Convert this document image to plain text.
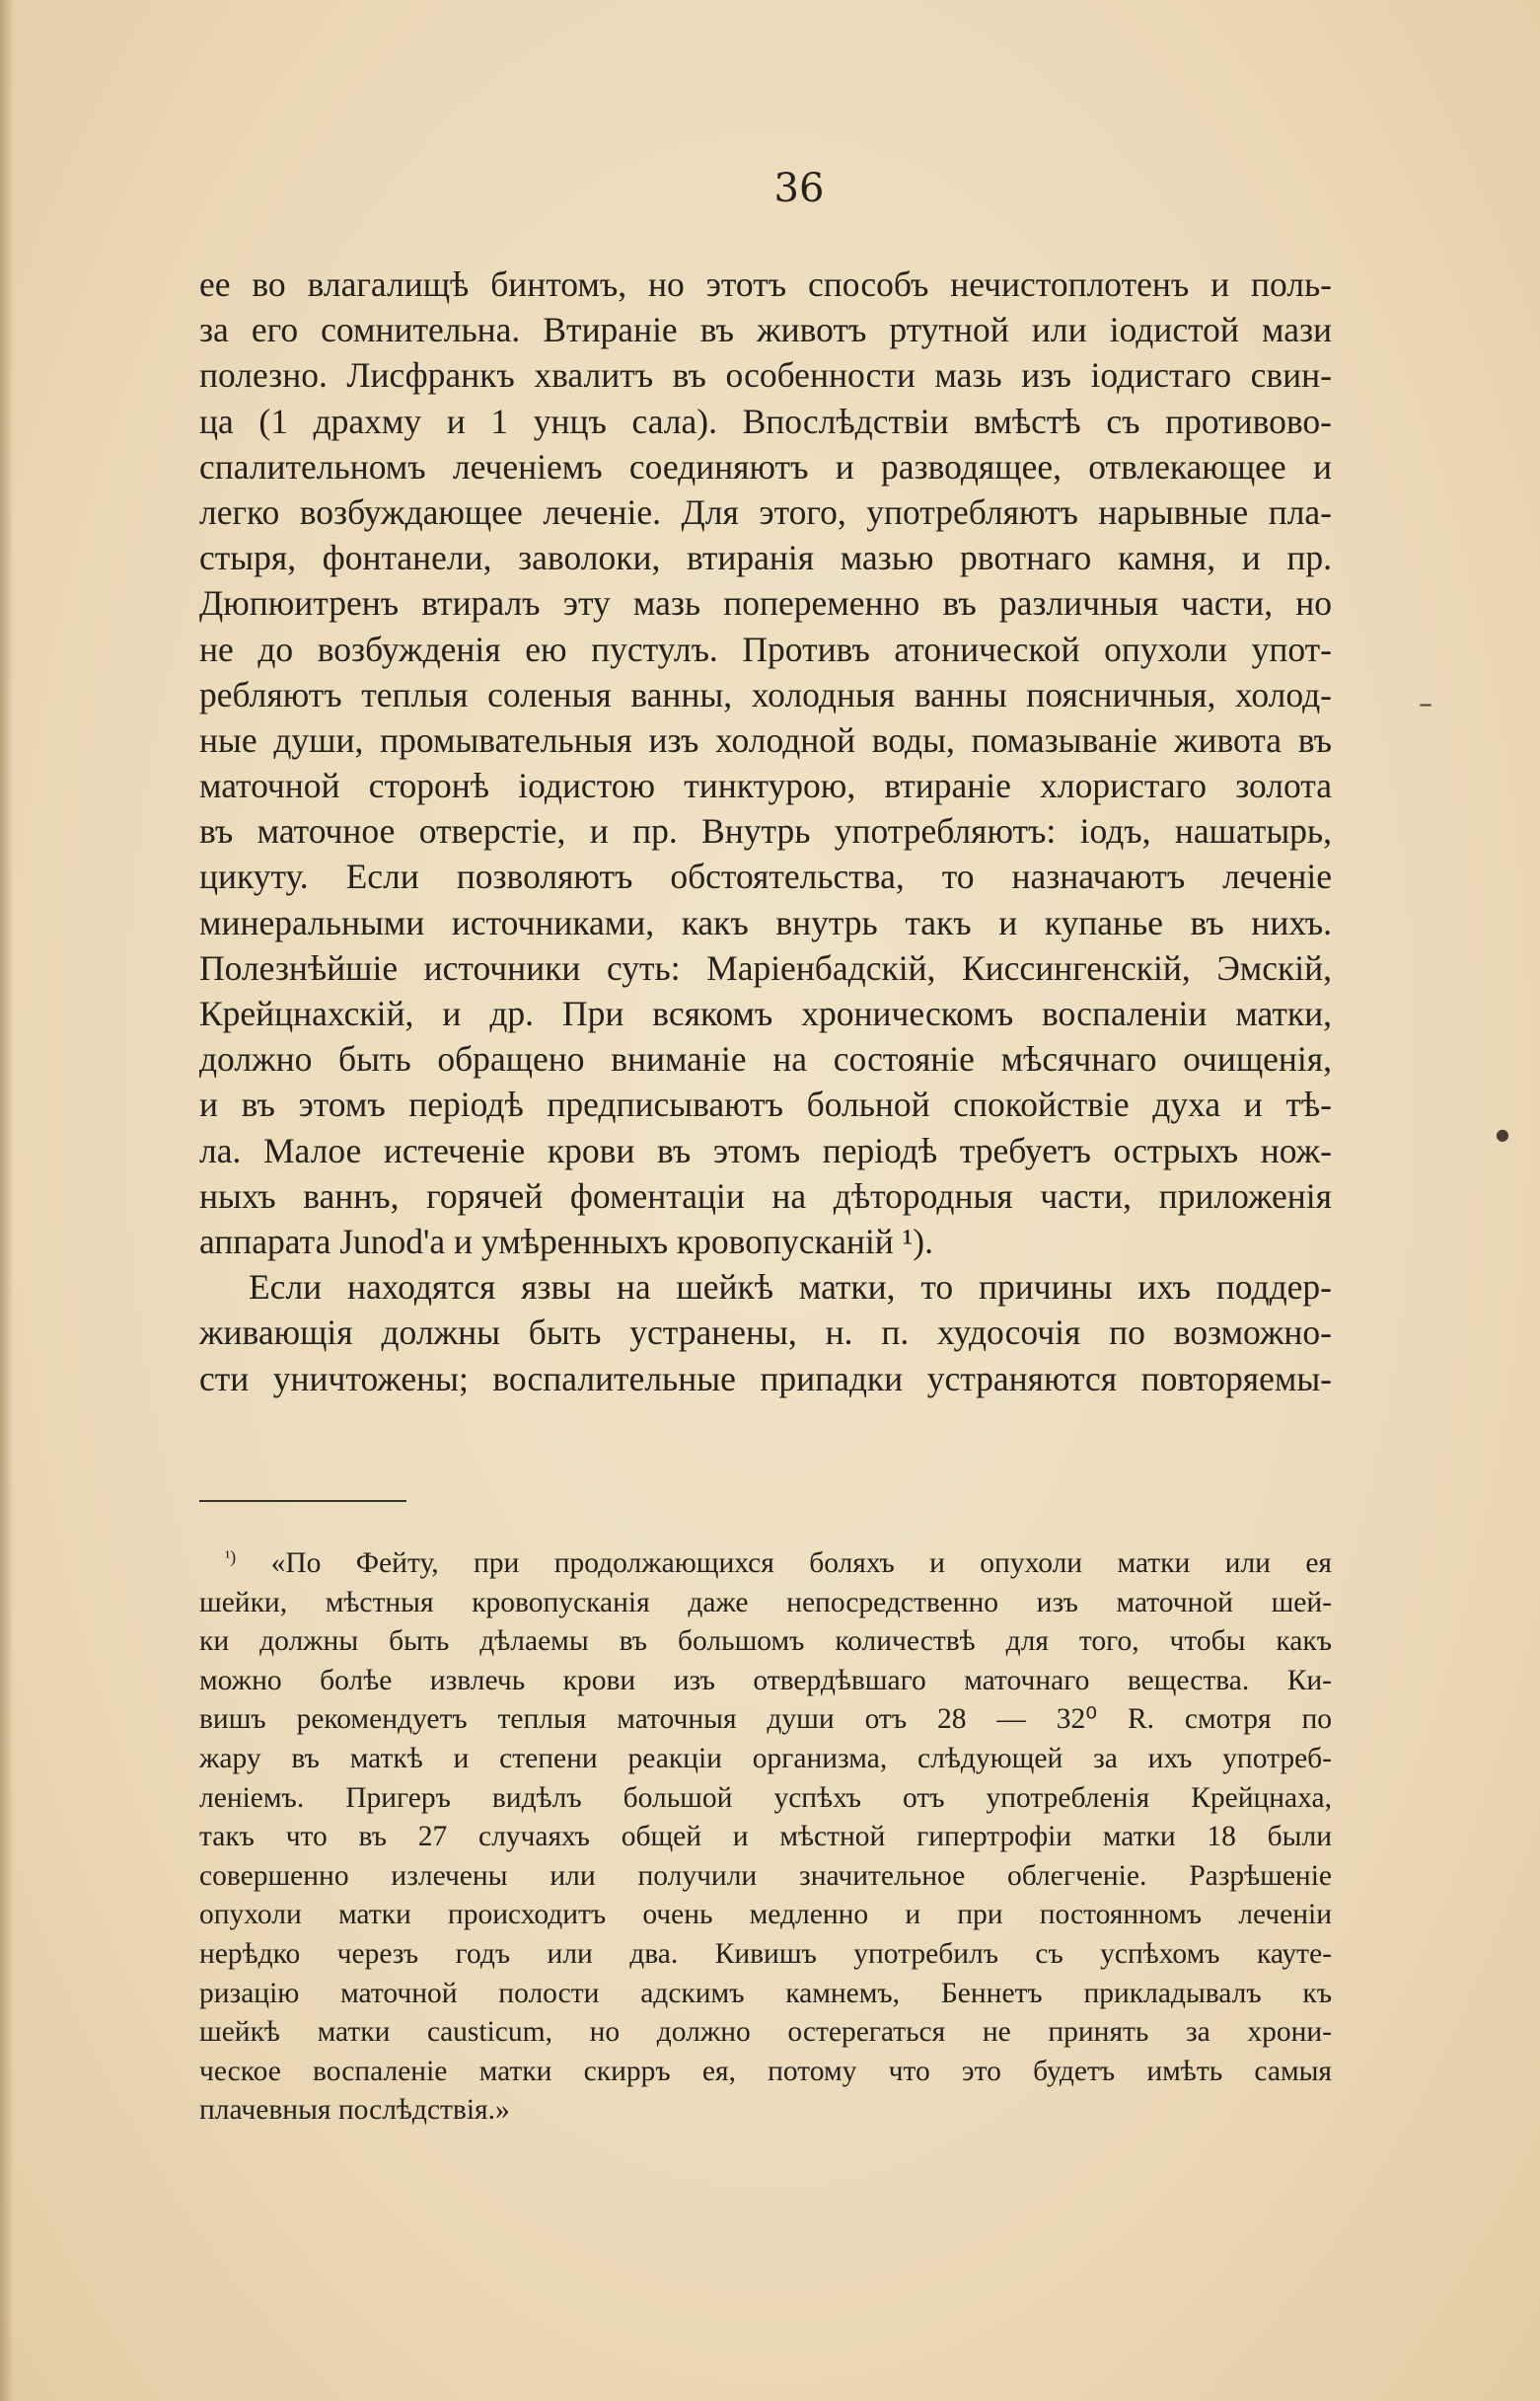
36
ее во влагалищѣ бинтомъ, но этотъ способъ нечистоплотенъ и поль-
за его сомнительна. Втираніе въ животъ ртутной или іодистой мази
полезно. Лисфранкъ хвалитъ въ особенности мазь изъ іодистаго свин-
ца (1 драхму и 1 унцъ сала). Впослѣдствіи вмѣстѣ съ противово-
спалительномъ леченіемъ соединяютъ и разводящее, отвлекающее и
легко возбуждающее леченіе. Для этого, употребляютъ нарывные пла-
стыря, фонтанели, заволоки, втиранія мазью рвотнаго камня, и пр.
Дюпюитренъ втиралъ эту мазь попеременно въ различныя части, но
не до возбужденія ею пустулъ. Противъ атонической опухоли упот-
ребляютъ теплыя соленыя ванны, холодныя ванны поясничныя, холод-
ные души, промывательныя изъ холодной воды, помазываніе живота въ
маточной сторонѣ іодистою тинктурою, втираніе хлористаго золота
въ маточное отверстіе, и пр. Внутрь употребляютъ: іодъ, нашатырь,
цикуту. Если позволяютъ обстоятельства, то назначаютъ леченіе
минеральными источниками, какъ внутрь такъ и купанье въ нихъ.
Полезнѣйшіе источники суть: Маріенбадскій, Киссингенскій, Эмскій,
Крейцнахскій, и др. При всякомъ хроническомъ воспаленіи матки,
должно быть обращено вниманіе на состояніе мѣсячнаго очищенія,
и въ этомъ періодѣ предписываютъ больной спокойствіе духа и тѣ-
ла. Малое истеченіе крови въ этомъ періодѣ требуетъ острыхъ нож-
ныхъ ваннъ, горячей фоментаціи на дѣтородныя части, приложенія
аппарата Junod'а и умѣренныхъ кровопусканій ¹).
Если находятся язвы на шейкѣ матки, то причины ихъ поддер-
живающія должны быть устранены, н. п. худосочія по возможно-
сти уничтожены; воспалительные припадки устраняются повторяемы-
$^{^1)}$ «По Фейту, при продолжающихся боляхъ и опухоли матки или ея
шейки, мѣстныя кровопусканія даже непосредственно изъ маточной шей-
ки должны быть дѣлаемы въ большомъ количествѣ для того, чтобы какъ
можно болѣе извлечь крови изъ отвердѣвшаго маточнаго вещества. Ки-
вишъ рекомендуетъ теплыя маточныя души отъ 28 — 32⁰ R. смотря по
жару въ маткѣ и степени реакціи организма, слѣдующей за ихъ употреб-
леніемъ. Пригеръ видѣлъ большой успѣхъ отъ употребленія Крейцнаха,
такъ что въ 27 случаяхъ общей и мѣстной гипертрофіи матки 18 были
совершенно излечены или получили значительное облегченіе. Разрѣшеніе
опухоли матки происходитъ очень медленно и при постоянномъ леченіи
нерѣдко черезъ годъ или два. Кивишъ употребилъ съ успѣхомъ каутe-
ризацію маточной полости адскимъ камнемъ, Беннетъ прикладывалъ къ
шейкѣ матки causticum, но должно остерегаться не принять за хрони-
ческое воспаленіе матки скирръ ея, потому что это будетъ имѣть самыя
плачевныя послѣдствія.»
–
●
